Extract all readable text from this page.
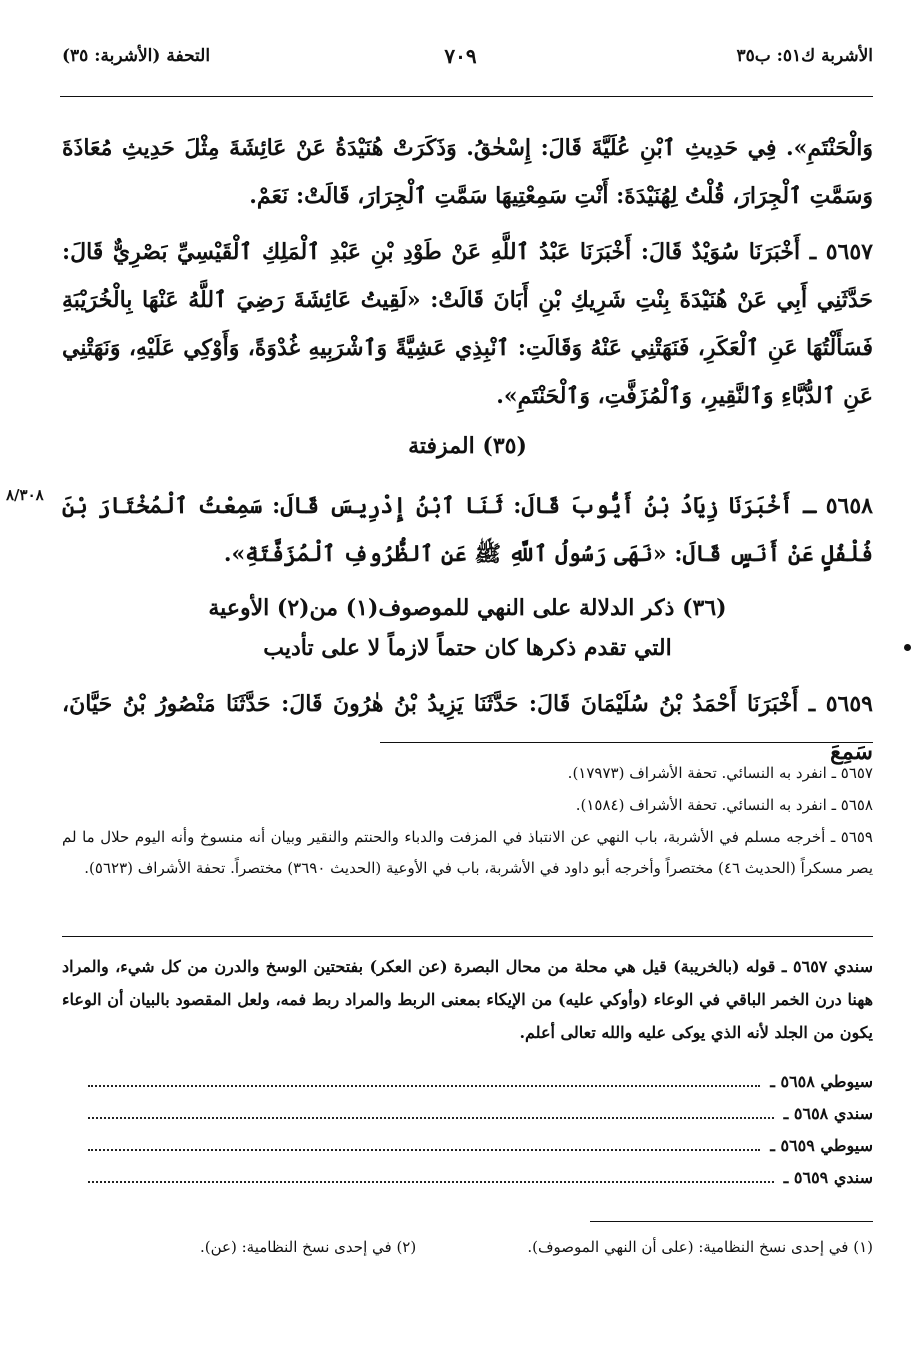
الأشربة ك٥١: ب٣٥
٧٠٩
التحفة (الأشربة: ٣٥)
وَالْحَنْتَمِ». فِي حَدِيثِ ٱبْنِ عُلَيَّةَ قَالَ: إِسْحٰقُ. وَذَكَرَتْ هُنَيْدَةُ عَنْ عَائِشَةَ مِثْلَ حَدِيثِ مُعَاذَةَ وَسَمَّتِ ٱلْجِرَارَ، قُلْتُ لِهُنَيْدَةَ: أَنْتِ سَمِعْتِيهَا سَمَّتِ ٱلْجِرَارَ، قَالَتْ: نَعَمْ.
٥٦٥٧ ـ أَخْبَرَنَا سُوَيْدٌ قَالَ: أَخْبَرَنَا عَبْدُ ٱللَّهِ عَنْ طَوْدِ بْنِ عَبْدِ ٱلْمَلِكِ ٱلْقَيْسِيِّ بَصْرِيٌّ قَالَ: حَدَّثَنِي أَبِي عَنْ هُنَيْدَةَ بِنْتِ شَرِيكِ بْنِ أَبَانَ قَالَتْ: «لَقِيتُ عَائِشَةَ رَضِيَ ٱللَّهُ عَنْهَا بِالْخُرَيْبَةِ فَسَأَلْتُهَا عَنِ ٱلْعَكَرِ، فَنَهَتْنِي عَنْهُ وَقَالَتِ: ٱنْبِذِي عَشِيَّةً وَٱشْرَبِيهِ غُدْوَةً، وَأَوْكِي عَلَيْهِ، وَنَهَتْنِي عَنِ ٱلدُّبَّاءِ وَٱلنَّقِيرِ، وَٱلْمُزَفَّتِ، وَٱلْحَنْتَمِ».
(٣٥) المزفتة
٨/٣٠٨ ٥٦٥٨ ـ أَخْبَرَنَا زِيَادُ بْنُ أَيُّوبَ قَالَ: ثَنَا ٱبْنُ إِدْرِيسَ قَالَ: سَمِعْتُ ٱلْمُخْتَارَ بْنَ فُلْفُلٍ عَنْ أَنَسٍ قَالَ: «نَهَى رَسُولُ ٱللَّهِ ﷺ عَنِ ٱلظُّرُوفِ ٱلْمُزَفَّتَةِ».
(٣٦) ذكر الدلالة على النهي للموصوف(١) من(٢) الأوعية
التي تقدم ذكرها كان حتماً لازماً لا على تأديب
٥٦٥٩ ـ أَخْبَرَنَا أَحْمَدُ بْنُ سُلَيْمَانَ قَالَ: حَدَّثَنَا يَزِيدُ بْنُ هٰرُونَ قَالَ: حَدَّثَنَا مَنْصُورُ بْنُ حَيَّانَ، سَمِعَ
٥٦٥٧ ـ انفرد به النسائي. تحفة الأشراف (١٧٩٧٣).
٥٦٥٨ ـ انفرد به النسائي. تحفة الأشراف (١٥٨٤).
٥٦٥٩ ـ أخرجه مسلم في الأشربة، باب النهي عن الانتباذ في المزفت والدباء والحنتم والنقير وبيان أنه منسوخ وأنه اليوم حلال ما لم يصر مسكراً (الحديث ٤٦) مختصراً وأخرجه أبو داود في الأشربة، باب في الأوعية (الحديث ٣٦٩٠) مختصراً. تحفة الأشراف (٥٦٢٣).
سندي ٥٦٥٧ ـ قوله (بالخريبة) قيل هي محلة من محال البصرة (عن العكر) بفتحتين الوسخ والدرن من كل شيء، والمراد ههنا درن الخمر الباقي في الوعاء (وأوكي عليه) من الإيكاء بمعنى الربط والمراد ربط فمه، ولعل المقصود بالبيان أن الوعاء يكون من الجلد لأنه الذي يوكى عليه والله تعالى أعلم.
سيوطي ٥٦٥٨ ـ
سندي ٥٦٥٨ ـ
سيوطي ٥٦٥٩ ـ
سندي ٥٦٥٩ ـ
(١) في إحدى نسخ النظامية: (على أن النهي الموصوف).
(٢) في إحدى نسخ النظامية: (عن).
